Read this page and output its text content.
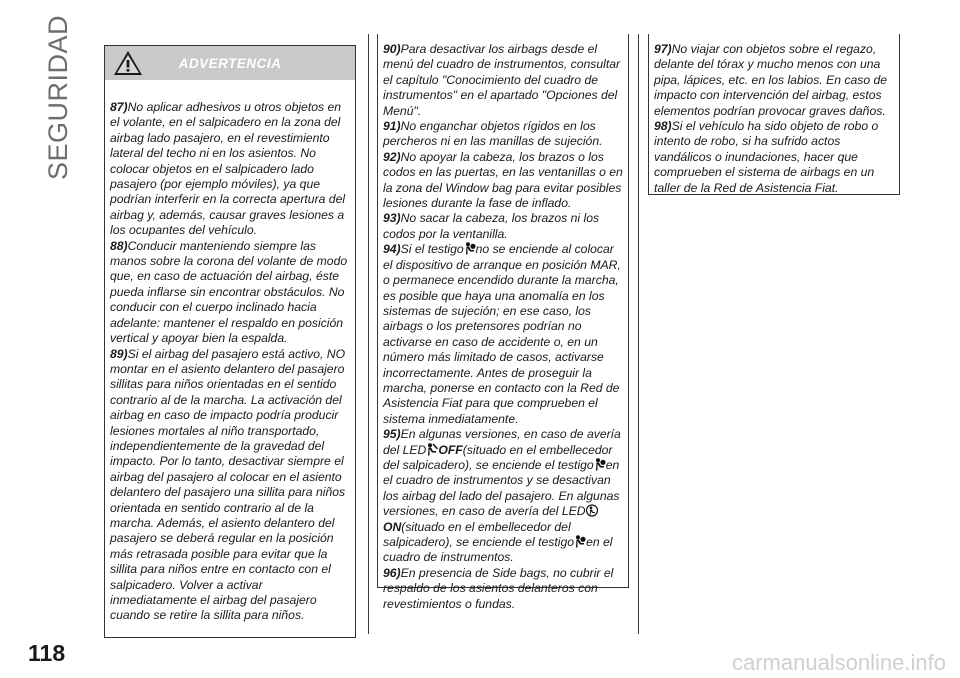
SEGURIDAD
118	carmanualsonline.info
ADVERTENCIA

87)No aplicar adhesivos u otros objetos en el volante, en el salpicadero en la zona del airbag lado pasajero, en el revestimiento lateral del techo ni en los asientos. No colocar objetos en el salpicadero lado pasajero (por ejemplo móviles), ya que podrían interferir en la correcta apertura del airbag y, además, causar graves lesiones a los ocupantes del vehículo.

88)Conducir manteniendo siempre las manos sobre la corona del volante de modo que, en caso de actuación del airbag, éste pueda inflarse sin encontrar obstáculos. No conducir con el cuerpo inclinado hacia adelante: mantener el respaldo en posición vertical y apoyar bien la espalda.

89)Si el airbag del pasajero está activo, NO montar en el asiento delantero del pasajero sillitas para niños orientadas en el sentido contrario al de la marcha. La activación del airbag en caso de impacto podría producir lesiones mortales al niño transportado, independientemente de la gravedad del impacto. Por lo tanto, desactivar siempre el airbag del pasajero al colocar en el asiento delantero del pasajero una sillita para niños orientada en sentido contrario al de la marcha. Además, el asiento delantero del pasajero se deberá regular en la posición más retrasada posible para evitar que la sillita para niños entre en contacto con el salpicadero. Volver a activar inmediatamente el airbag del pasajero cuando se retire la sillita para niños.

90)Para desactivar los airbags desde el menú del cuadro de instrumentos, consultar el capítulo "Conocimiento del cuadro de instrumentos" en el apartado "Opciones del Menú".

91)No enganchar objetos rígidos en los percheros ni en las manillas de sujeción.

92)No apoyar la cabeza, los brazos o los codos en las puertas, en las ventanillas o en la zona del Window bag para evitar posibles lesiones durante la fase de inflado.

93)No sacar la cabeza, los brazos ni los codos por la ventanilla.

94)Si el testigo no se enciende al colocar el dispositivo de arranque en posición MAR, o permanece encendido durante la marcha, es posible que haya una anomalía en los sistemas de sujeción; en ese caso, los airbags o los pretensores podrían no activarse en caso de accidente o, en un número más limitado de casos, activarse incorrectamente. Antes de proseguir la marcha, ponerse en contacto con la Red de Asistencia Fiat para que comprueben el sistema inmediatamente.

95)En algunas versiones, en caso de avería del LED OFF(situado en el embellecedor del salpicadero), se enciende el testigo en el cuadro de instrumentos y se desactivan los airbag del lado del pasajero. En algunas versiones, en caso de avería del LEDON(situado en el embellecedor del salpicadero), se enciende el testigo en el cuadro de instrumentos.

96)En presencia de Side bags, no cubrir el respaldo de los asientos delanteros con revestimientos o fundas.

97)No viajar con objetos sobre el regazo, delante del tórax y mucho menos con una pipa, lápices, etc. en los labios. En caso de impacto con intervención del airbag, estos elementos podrían provocar graves daños.

98)Si el vehículo ha sido objeto de robo o intento de robo, si ha sufrido actos vandálicos o inundaciones, hacer que comprueben el sistema de airbags en un taller de la Red de Asistencia Fiat.
